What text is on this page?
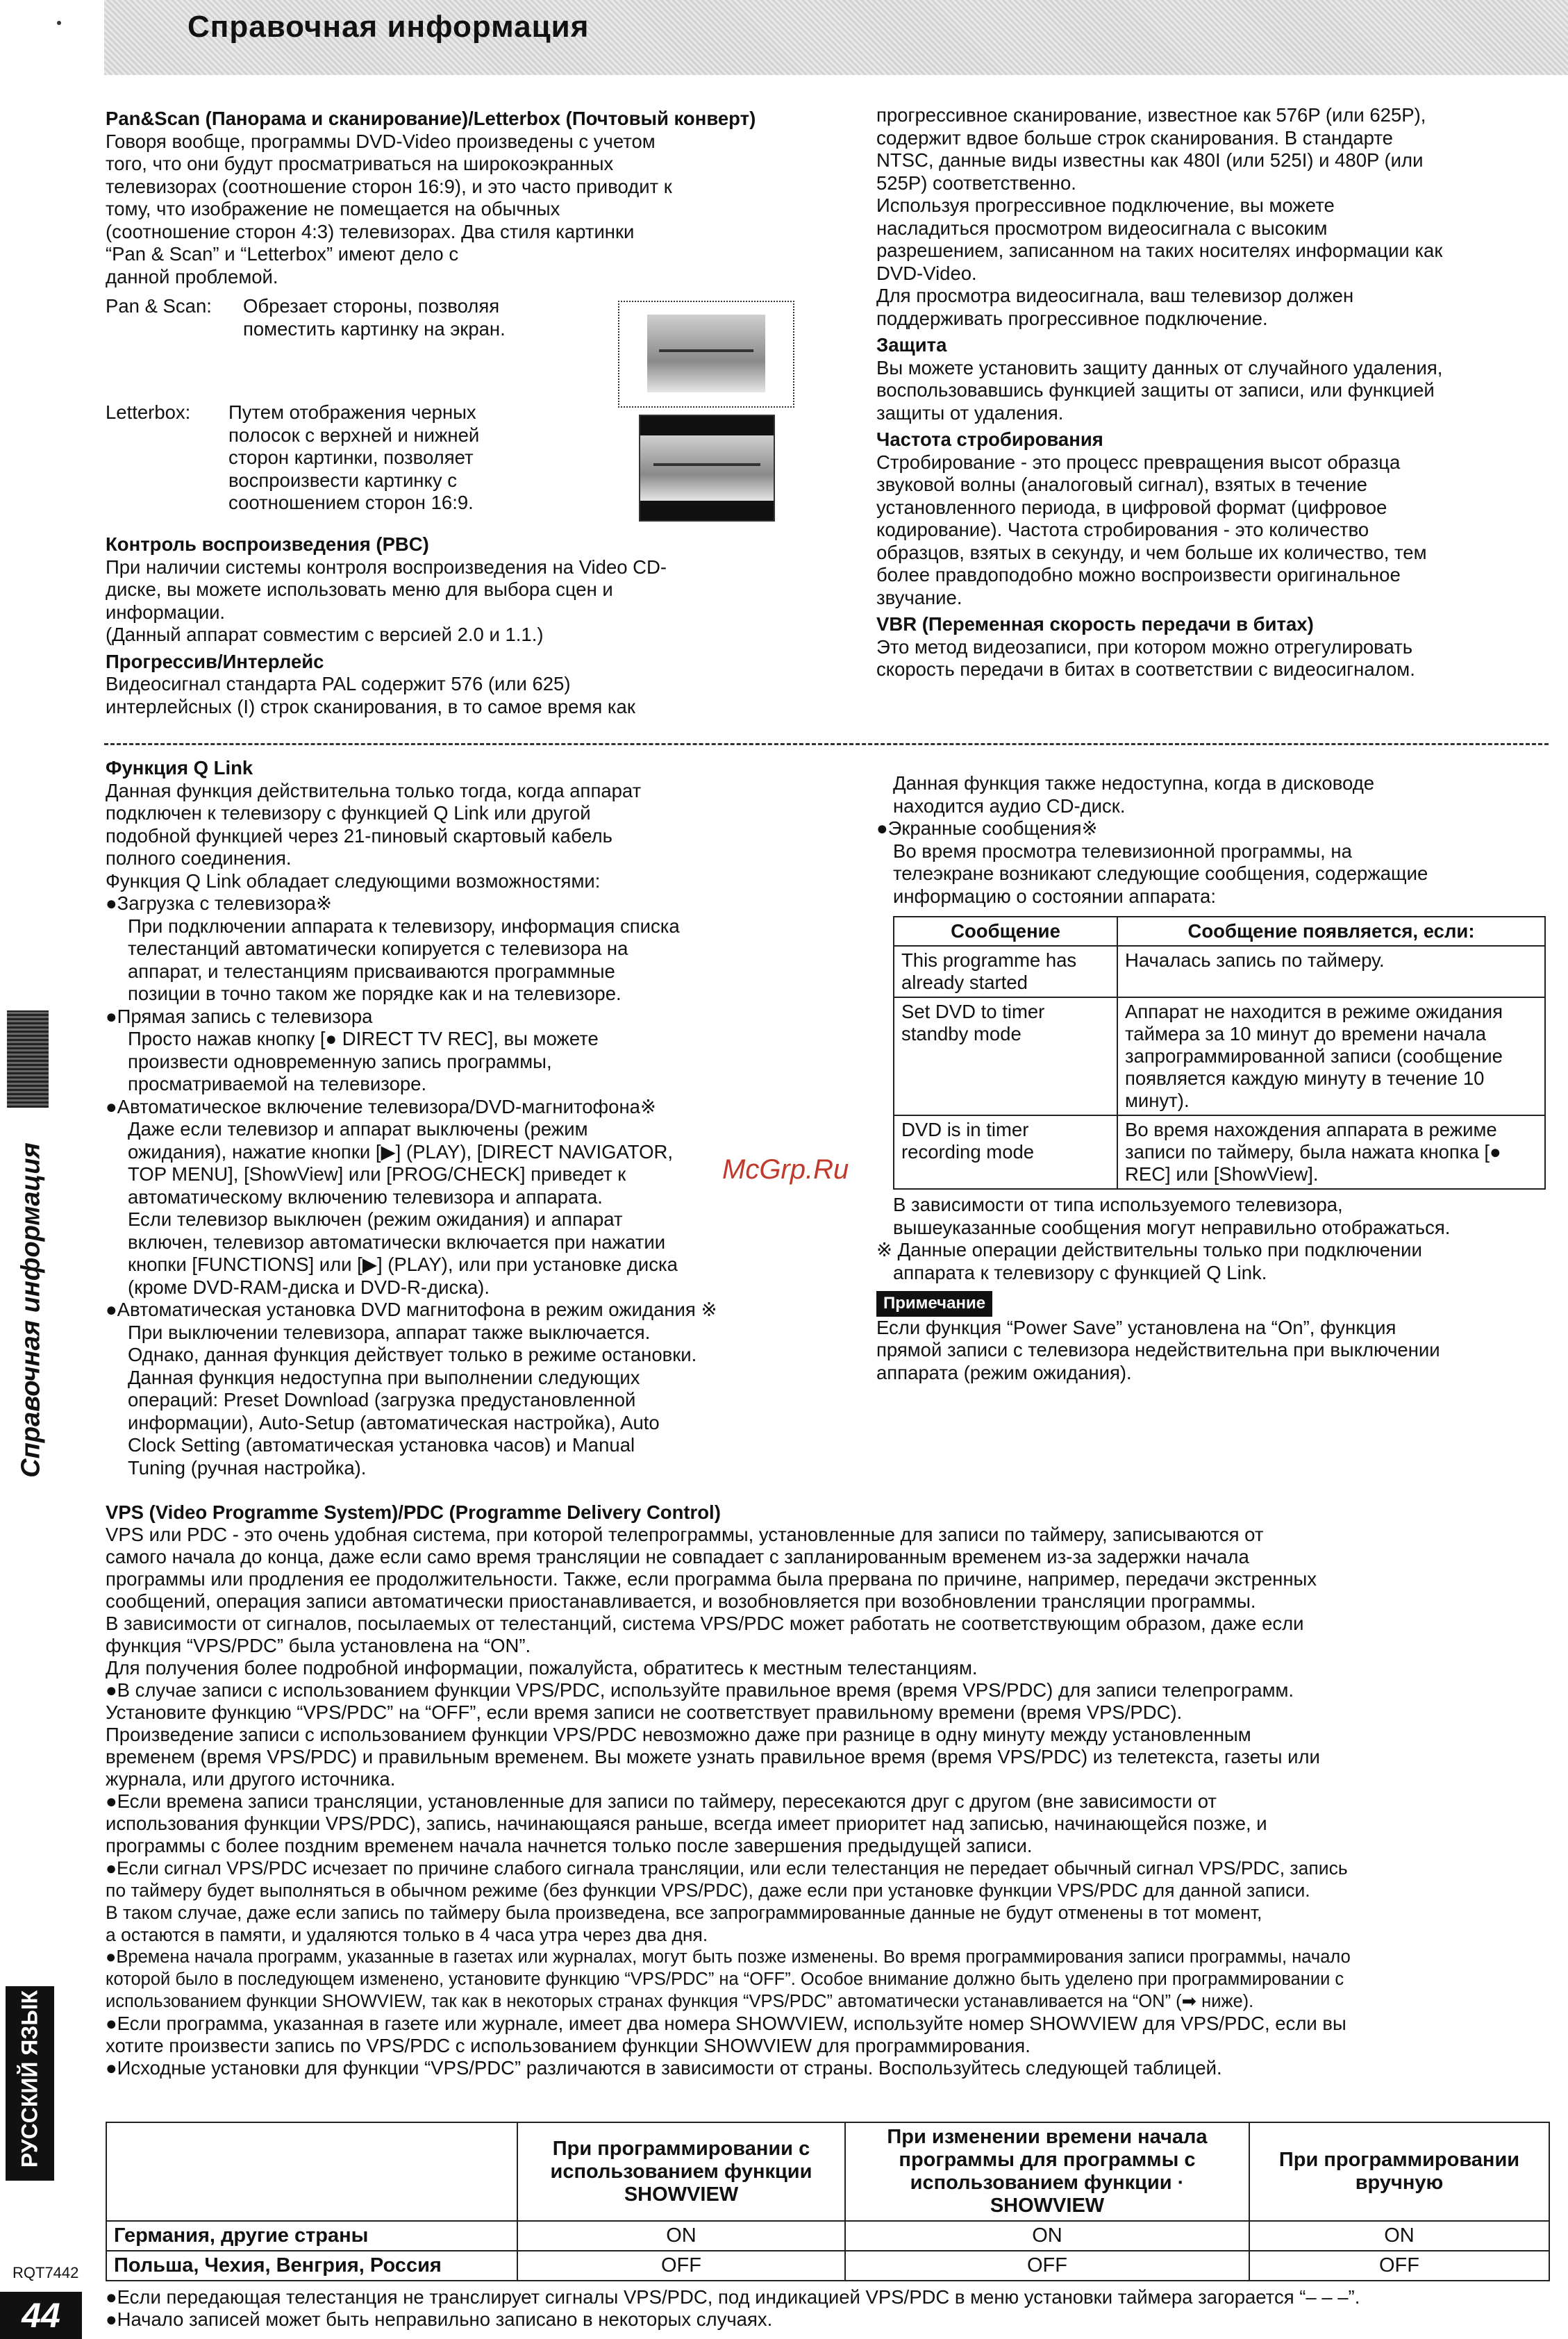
Справочная информация

Pan&Scan (Панорама и сканирование)/Letterbox (Почтовый конверт)

Говоря вообще, программы DVD-Video произведены с учетом

того, что они будут просматриваться на широкоэкранных

телевизорах (соотношение сторон 16:9), и это часто приводит к

тому, что изображение не помещается на обычных

(соотношение сторон 4:3) телевизорах. Два стиля картинки

“Pan & Scan” и “Letterbox” имеют дело с

данной проблемой.

Pan & Scan: Обрезает стороны, позволяя

поместить картинку на экран.

Letterbox: Путем отображения черных

полосок с верхней и нижней

сторон картинки, позволяет

воспроизвести картинку с

соотношением сторон 16:9.

Контроль воспроизведения (PBC)

При наличии системы контроля воспроизведения на Video CD-

диске, вы можете использовать меню для выбора сцен и

информации.

(Данный аппарат совместим с версией 2.0 и 1.1.)

Прогрессив/Интерлейс

Видеосигнал стандарта PAL содержит 576 (или 625)

интерлейсных (I) строк сканирования, в то самое время как

прогрессивное сканирование, известное как 576P (или 625P),

содержит вдвое больше строк сканирования. В стандарте

NTSC, данные виды известны как 480I (или 525I) и 480P (или

525P) соответственно.

Используя прогрессивное подключение, вы можете

насладиться просмотром видеосигнала с высоким

разрешением, записанном на таких носителях информации как

DVD-Video.

Для просмотра видеосигнала, ваш телевизор должен

поддерживать прогрессивное подключение.

Защита

Вы можете установить защиту данных от случайного удаления,

воспользовавшись функцией защиты от записи, или функцией

защиты от удаления.

Частота стробирования

Стробирование - это процесс превращения высот образца

звуковой волны (аналоговый сигнал), взятых в течение

установленного периода, в цифровой формат (цифровое

кодирование). Частота стробирования - это количество

образцов, взятых в секунду, и чем больше их количество, тем

более правдоподобно можно воспроизвести оригинальное

звучание.

VBR (Переменная скорость передачи в битах)

Это метод видеозаписи, при котором можно отрегулировать

скорость передачи в битах в соответствии с видеосигналом.

Функция Q Link

Данная функция действительна только тогда, когда аппарат

подключен к телевизору с функцией Q Link или другой

подобной функцией через 21-пиновый скартовый кабель

полного соединения.

Функция Q Link обладает следующими возможностями:

●Загрузка с телевизора※

При подключении аппарата к телевизору, информация списка

телестанций автоматически копируется с телевизора на

аппарат, и телестанциям присваиваются программные

позиции в точно таком же порядке как и на телевизоре.

●Прямая запись с телевизора

Просто нажав кнопку [● DIRECT TV REC], вы можете

произвести одновременную запись программы,

просматриваемой на телевизоре.

●Автоматическое включение телевизора/DVD-магнитофона※

Даже если телевизор и аппарат выключены (режим

ожидания), нажатие кнопки [▶] (PLAY), [DIRECT NAVIGATOR,

TOP MENU], [ShowView] или [PROG/CHECK] приведет к

автоматическому включению телевизора и аппарата.

Если телевизор выключен (режим ожидания) и аппарат

включен, телевизор автоматически включается при нажатии

кнопки [FUNCTIONS] или [▶] (PLAY), или при установке диска

(кроме DVD-RAM-диска и DVD-R-диска).

●Автоматическая установка DVD магнитофона в режим ожидания ※

При выключении телевизора, аппарат также выключается.

Однако, данная функция действует только в режиме остановки.

Данная функция недоступна при выполнении следующих

операций: Preset Download (загрузка предустановленной

информации), Auto-Setup (автоматическая настройка), Auto

Clock Setting (автоматическая установка часов) и Manual

Tuning (ручная настройка).

McGrp.Ru

Данная функция также недоступна, когда в дисководе

находится аудио CD-диск.

●Экранные сообщения※

Во время просмотра телевизионной программы, на

телеэкране возникают следующие сообщения, содержащие

информацию о состоянии аппарата:

Сообщение	Сообщение появляется, если:
This programme has already started	Началась запись по таймеру.
Set DVD to timer standby mode	Аппарат не находится в режиме ожидания таймера за 10 минут до времени начала запрограммированной записи (сообщение появляется каждую минуту в течение 10 минут).
DVD is in timer recording mode	Во время нахождения аппарата в режиме записи по таймеру, была нажата кнопка [● REC] или [ShowView].

В зависимости от типа используемого телевизора,

вышеуказанные сообщения могут неправильно отображаться.

※ Данные операции действительны только при подключении

аппарата к телевизору с функцией Q Link.

Примечание

Если функция “Power Save” установлена на “On”, функция

прямой записи с телевизора недействительна при выключении

аппарата (режим ожидания).

VPS (Video Programme System)/PDC (Programme Delivery Control)

VPS или PDC - это очень удобная система, при которой телепрограммы, установленные для записи по таймеру, записываются от

самого начала до конца, даже если само время трансляции не совпадает с запланированным временем из-за задержки начала

программы или продления ее продолжительности. Также, если программа была прервана по причине, например, передачи экстренных

сообщений, операция записи автоматически приостанавливается, и возобновляется при возобновлении трансляции программы.

В зависимости от сигналов, посылаемых от телестанций, система VPS/PDC может работать не соответствующим образом, даже если

функция “VPS/PDC” была установлена на “ON”.

Для получения более подробной информации, пожалуйста, обратитесь к местным телестанциям.

●В случае записи с использованием функции VPS/PDC, используйте правильное время (время VPS/PDC) для записи телепрограмм.

Установите функцию “VPS/PDC” на “OFF”, если время записи не соответствует правильному времени (время VPS/PDC).

Произведение записи с использованием функции VPS/PDC невозможно даже при разнице в одну минуту между установленным

временем (время VPS/PDC) и правильным временем. Вы можете узнать правильное время (время VPS/PDC) из телетекста, газеты или

журнала, или другого источника.

●Если времена записи трансляции, установленные для записи по таймеру, пересекаются друг с другом (вне зависимости от

использования функции VPS/PDC), запись, начинающаяся раньше, всегда имеет приоритет над записью, начинающейся позже, и

программы с более поздним временем начала начнется только после завершения предыдущей записи.

●Если сигнал VPS/PDC исчезает по причине слабого сигнала трансляции, или если телестанция не передает обычный сигнал VPS/PDC, запись

по таймеру будет выполняться в обычном режиме (без функции VPS/PDC), даже если при установке функции VPS/PDC для данной записи.

В таком случае, даже если запись по таймеру была произведена, все запрограммированные данные не будут отменены в тот момент,

а остаются в памяти, и удаляются только в 4 часа утра через два дня.

●Времена начала программ, указанные в газетах или журналах, могут быть позже изменены. Во время программирования записи программы, начало

которой было в последующем изменено, установите функцию “VPS/PDC” на “OFF”. Особое внимание должно быть уделено при программировании с

использованием функции SHOWVIEW, так как в некоторых странах функция “VPS/PDC” автоматически устанавливается на “ON” (➡ ниже).

●Если программа, указанная в газете или журнале, имеет два номера SHOWVIEW, используйте номер SHOWVIEW для VPS/PDC, если вы

хотите произвести запись по VPS/PDC с использованием функции SHOWVIEW для программирования.

●Исходные установки для функции “VPS/PDC” различаются в зависимости от страны. Воспользуйтесь следующей таблицей.

	При программировании с использованием функции SHOWVIEW	При изменении времени начала программы для программы с использованием функции · SHOWVIEW	При программировании вручную
Германия, другие страны	ON	ON	ON
Польша, Чехия, Венгрия, Россия	OFF	OFF	OFF

●Если передающая телестанция не транслирует сигналы VPS/PDC, под индикацией VPS/PDC в меню установки таймера загорается “– – –”.

●Начало записей может быть неправильно записано в некоторых случаях.

Справочная информация
РУССКИЙ ЯЗЫК
RQT7442
44
